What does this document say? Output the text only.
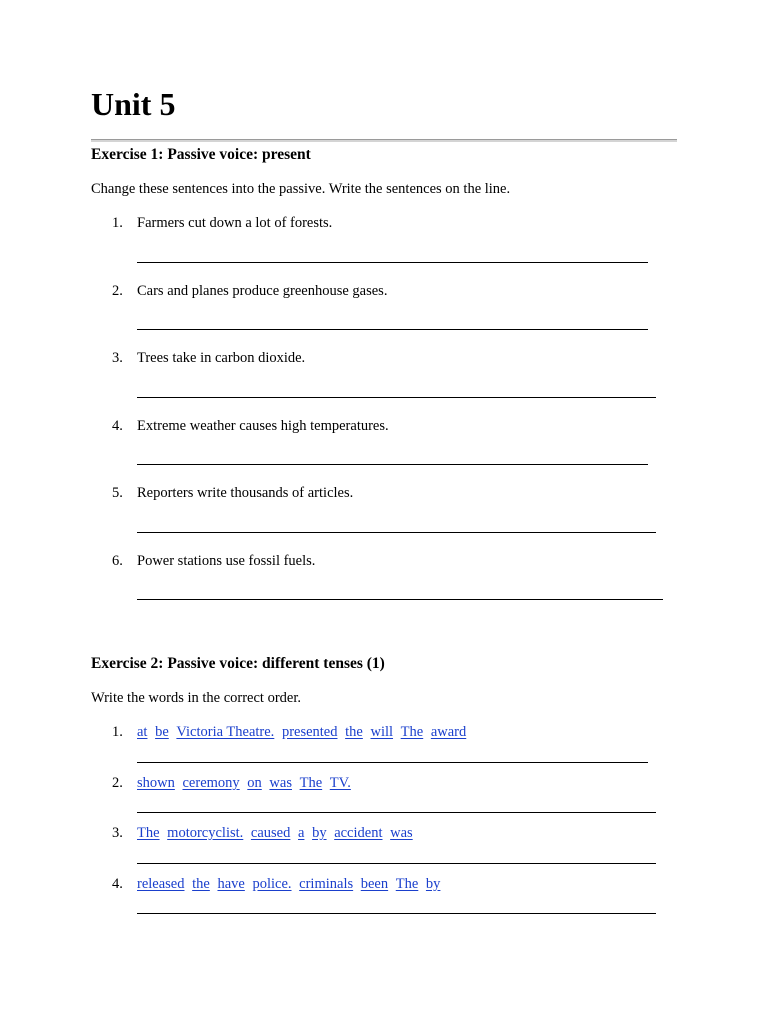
Unit 5
Exercise 1: Passive voice: present

Change these sentences into the passive. Write the sentences on the line.

1. Farmers cut down a lot of forests.
2. Cars and planes produce greenhouse gases.
3. Trees take in carbon dioxide.
4. Extreme weather causes high temperatures.
5. Reporters write thousands of articles.
6. Power stations use fossil fuels.
Exercise 2: Passive voice: different tenses (1)

Write the words in the correct order.

1. at be Victoria Theatre. presented the will The award
2. shown ceremony on was The TV.
3. The motorcyclist. caused a by accident was
4. released the have police. criminals been The by
